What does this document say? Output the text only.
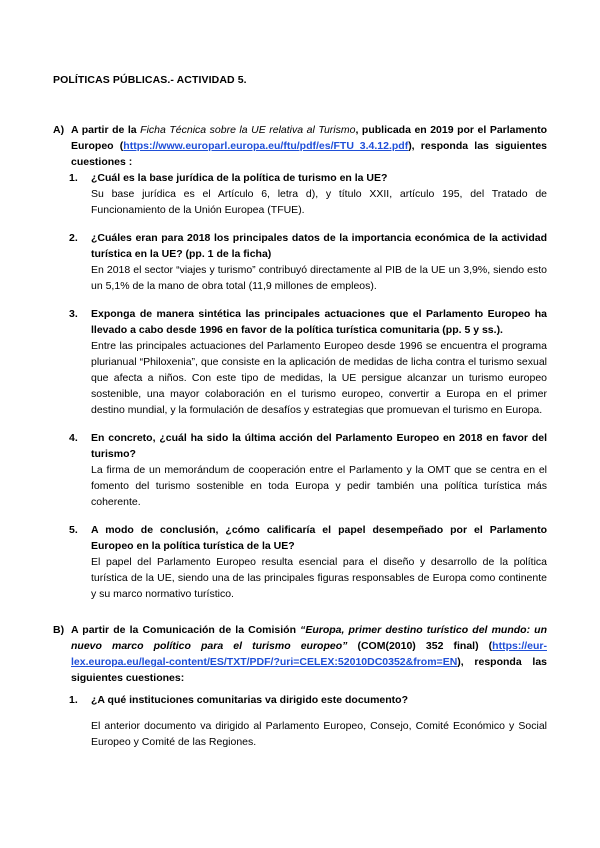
POLÍTICAS PÚBLICAS.- ACTIVIDAD 5.
A) A partir de la Ficha Técnica sobre la UE relativa al Turismo, publicada en 2019 por el Parlamento Europeo (https://www.europarl.europa.eu/ftu/pdf/es/FTU_3.4.12.pdf), responda las siguientes cuestiones :
1. ¿Cuál es la base jurídica de la política de turismo en la UE?
Su base jurídica es el Artículo 6, letra d), y título XXII, artículo 195, del Tratado de Funcionamiento de la Unión Europea (TFUE).
2. ¿Cuáles eran para 2018 los principales datos de la importancia económica de la actividad turística en la UE? (pp. 1 de la ficha)
En 2018 el sector “viajes y turismo” contribuyó directamente al PIB de la UE un 3,9%, siendo esto un 5,1% de la mano de obra total (11,9 millones de empleos).
3. Exponga de manera sintética las principales actuaciones que el Parlamento Europeo ha llevado a cabo desde 1996 en favor de la política turística comunitaria (pp. 5 y ss.).
Entre las principales actuaciones del Parlamento Europeo desde 1996 se encuentra el programa plurianual “Philoxenia”, que consiste en la aplicación de medidas de licha contra el turismo sexual que afecta a niños. Con este tipo de medidas, la UE persigue alcanzar un turismo europeo sostenible, una mayor colaboración en el turismo europeo, convertir a Europa en el primer destino mundial, y la formulación de desafíos y estrategias que promuevan el turismo en Europa.
4. En concreto, ¿cuál ha sido la última acción del Parlamento Europeo en 2018 en favor del turismo?
La firma de un memorándum de cooperación entre el Parlamento y la OMT que se centra en el fomento del turismo sostenible en toda Europa y pedir también una política turística más coherente.
5. A modo de conclusión, ¿cómo calificaría el papel desempeñado por el Parlamento Europeo en la política turística de la UE?
El papel del Parlamento Europeo resulta esencial para el diseño y desarrollo de la política turística de la UE, siendo una de las principales figuras responsables de Europa como continente y su marco normativo turístico.
B) A partir de la Comunicación de la Comisión “Europa, primer destino turístico del mundo: un nuevo marco político para el turismo europeo” (COM(2010) 352 final) (https://eur-lex.europa.eu/legal-content/ES/TXT/PDF/?uri=CELEX:52010DC0352&from=EN), responda las siguientes cuestiones:
1. ¿A qué instituciones comunitarias va dirigido este documento?
El anterior documento va dirigido al Parlamento Europeo, Consejo, Comité Económico y Social Europeo y Comité de las Regiones.
